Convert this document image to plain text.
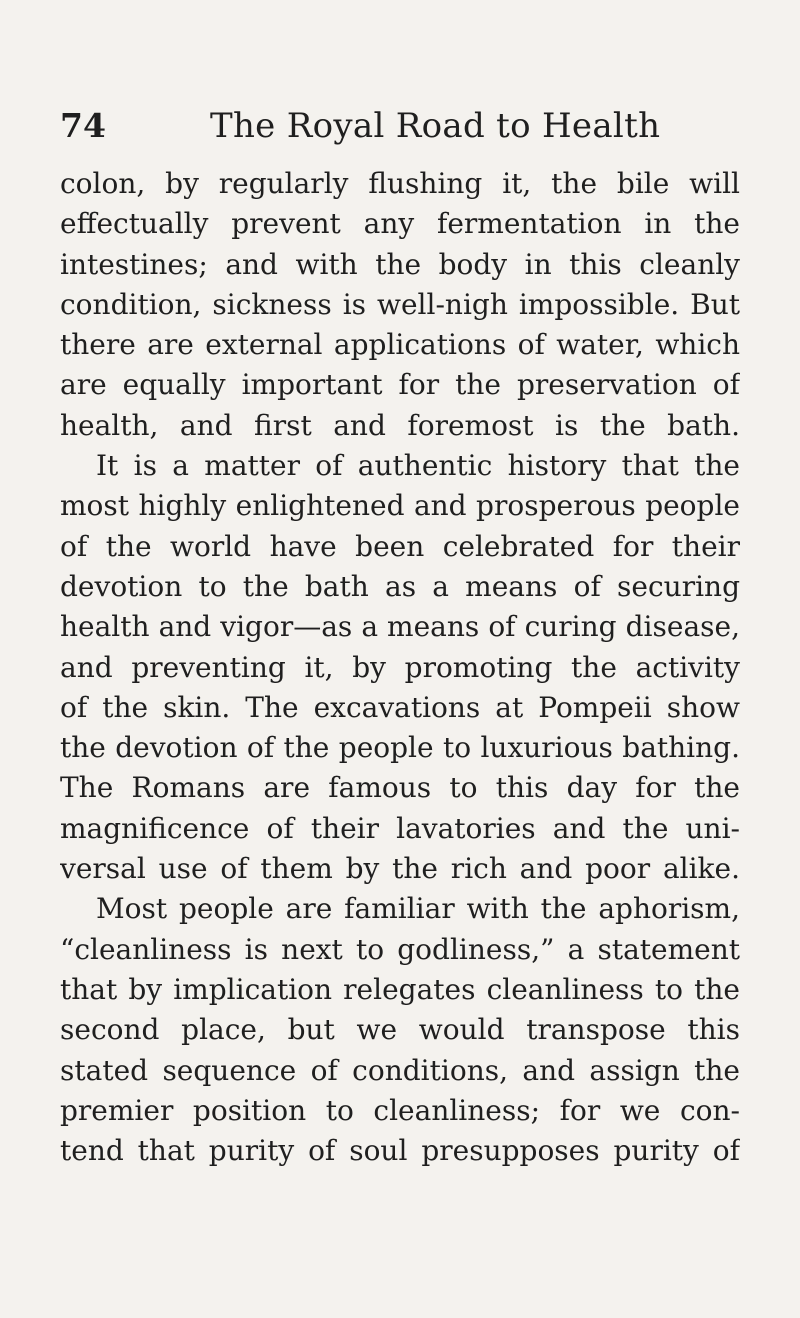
74	The Royal Road to Health
colon, by regularly flushing it, the bile will
effectually prevent any fermentation in the
intestines; and with the body in this cleanly
condition, sickness is well-nigh impossible. But
there are external applications of water, which
are equally important for the preservation of
health, and first and foremost is the bath.
It is a matter of authentic history that the
most highly enlightened and prosperous people
of the world have been celebrated for their
devotion to the bath as a means of securing
health and vigor—as a means of curing disease,
and preventing it, by promoting the activity
of the skin. The excavations at Pompeii show
the devotion of the people to luxurious bathing.
The Romans are famous to this day for the
magnificence of their lavatories and the uni-
versal use of them by the rich and poor alike.
Most people are familiar with the aphorism,
“cleanliness is next to godliness,” a statement
that by implication relegates cleanliness to the
second place, but we would transpose this
stated sequence of conditions, and assign the
premier position to cleanliness; for we con-
tend that purity of soul presupposes purity of
